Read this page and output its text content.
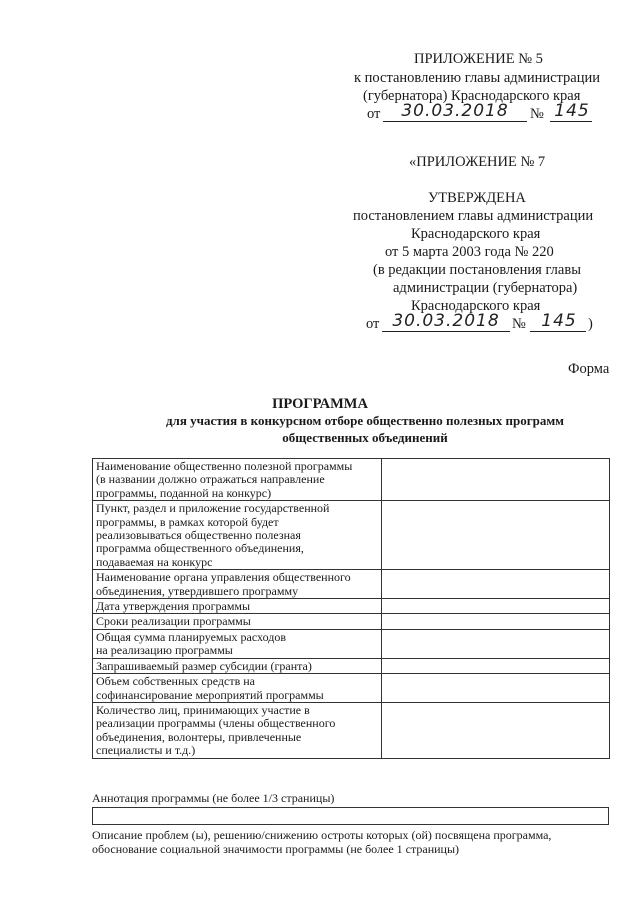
ПРИЛОЖЕНИЕ № 5
к постановлению главы администрации
(губернатора) Краснодарского края
от	30.03.2018	№ 145
«ПРИЛОЖЕНИЕ № 7
УТВЕРЖДЕНА
постановлением главы администрации
Краснодарского края
от 5 марта 2003 года № 220
(в редакции постановления главы
администрации (губернатора)
Краснодарского края
от 30.03.2018 № 145 )
Форма
ПРОГРАММА
для участия в конкурсном отборе общественно полезных программ
общественных объединений
Наименование общественно полезной программы
(в названии должно отражаться направление
программы, поданной на конкурс)	

Пункт, раздел и приложение государственной
программы, в рамках которой будет
реализовываться общественно полезная
программа общественного объединения,
подаваемая на конкурс	

Наименование органа управления общественного
объединения, утвердившего программу	

Дата утверждения программы	

Сроки реализации программы	

Общая сумма планируемых расходов
на реализацию программы	

Запрашиваемый размер субсидии (гранта)	

Объем собственных средств на
софинансирование мероприятий программы	

Количество лиц, принимающих участие в
реализации программы (члены общественного
объединения, волонтеры, привлеченные
специалисты и т.д.)	

Аннотация программы (не более 1/3 страницы)
Описание проблем (ы), решению/снижению остроты которых (ой) посвящена программа,
обоснование социальной значимости программы (не более 1 страницы)
